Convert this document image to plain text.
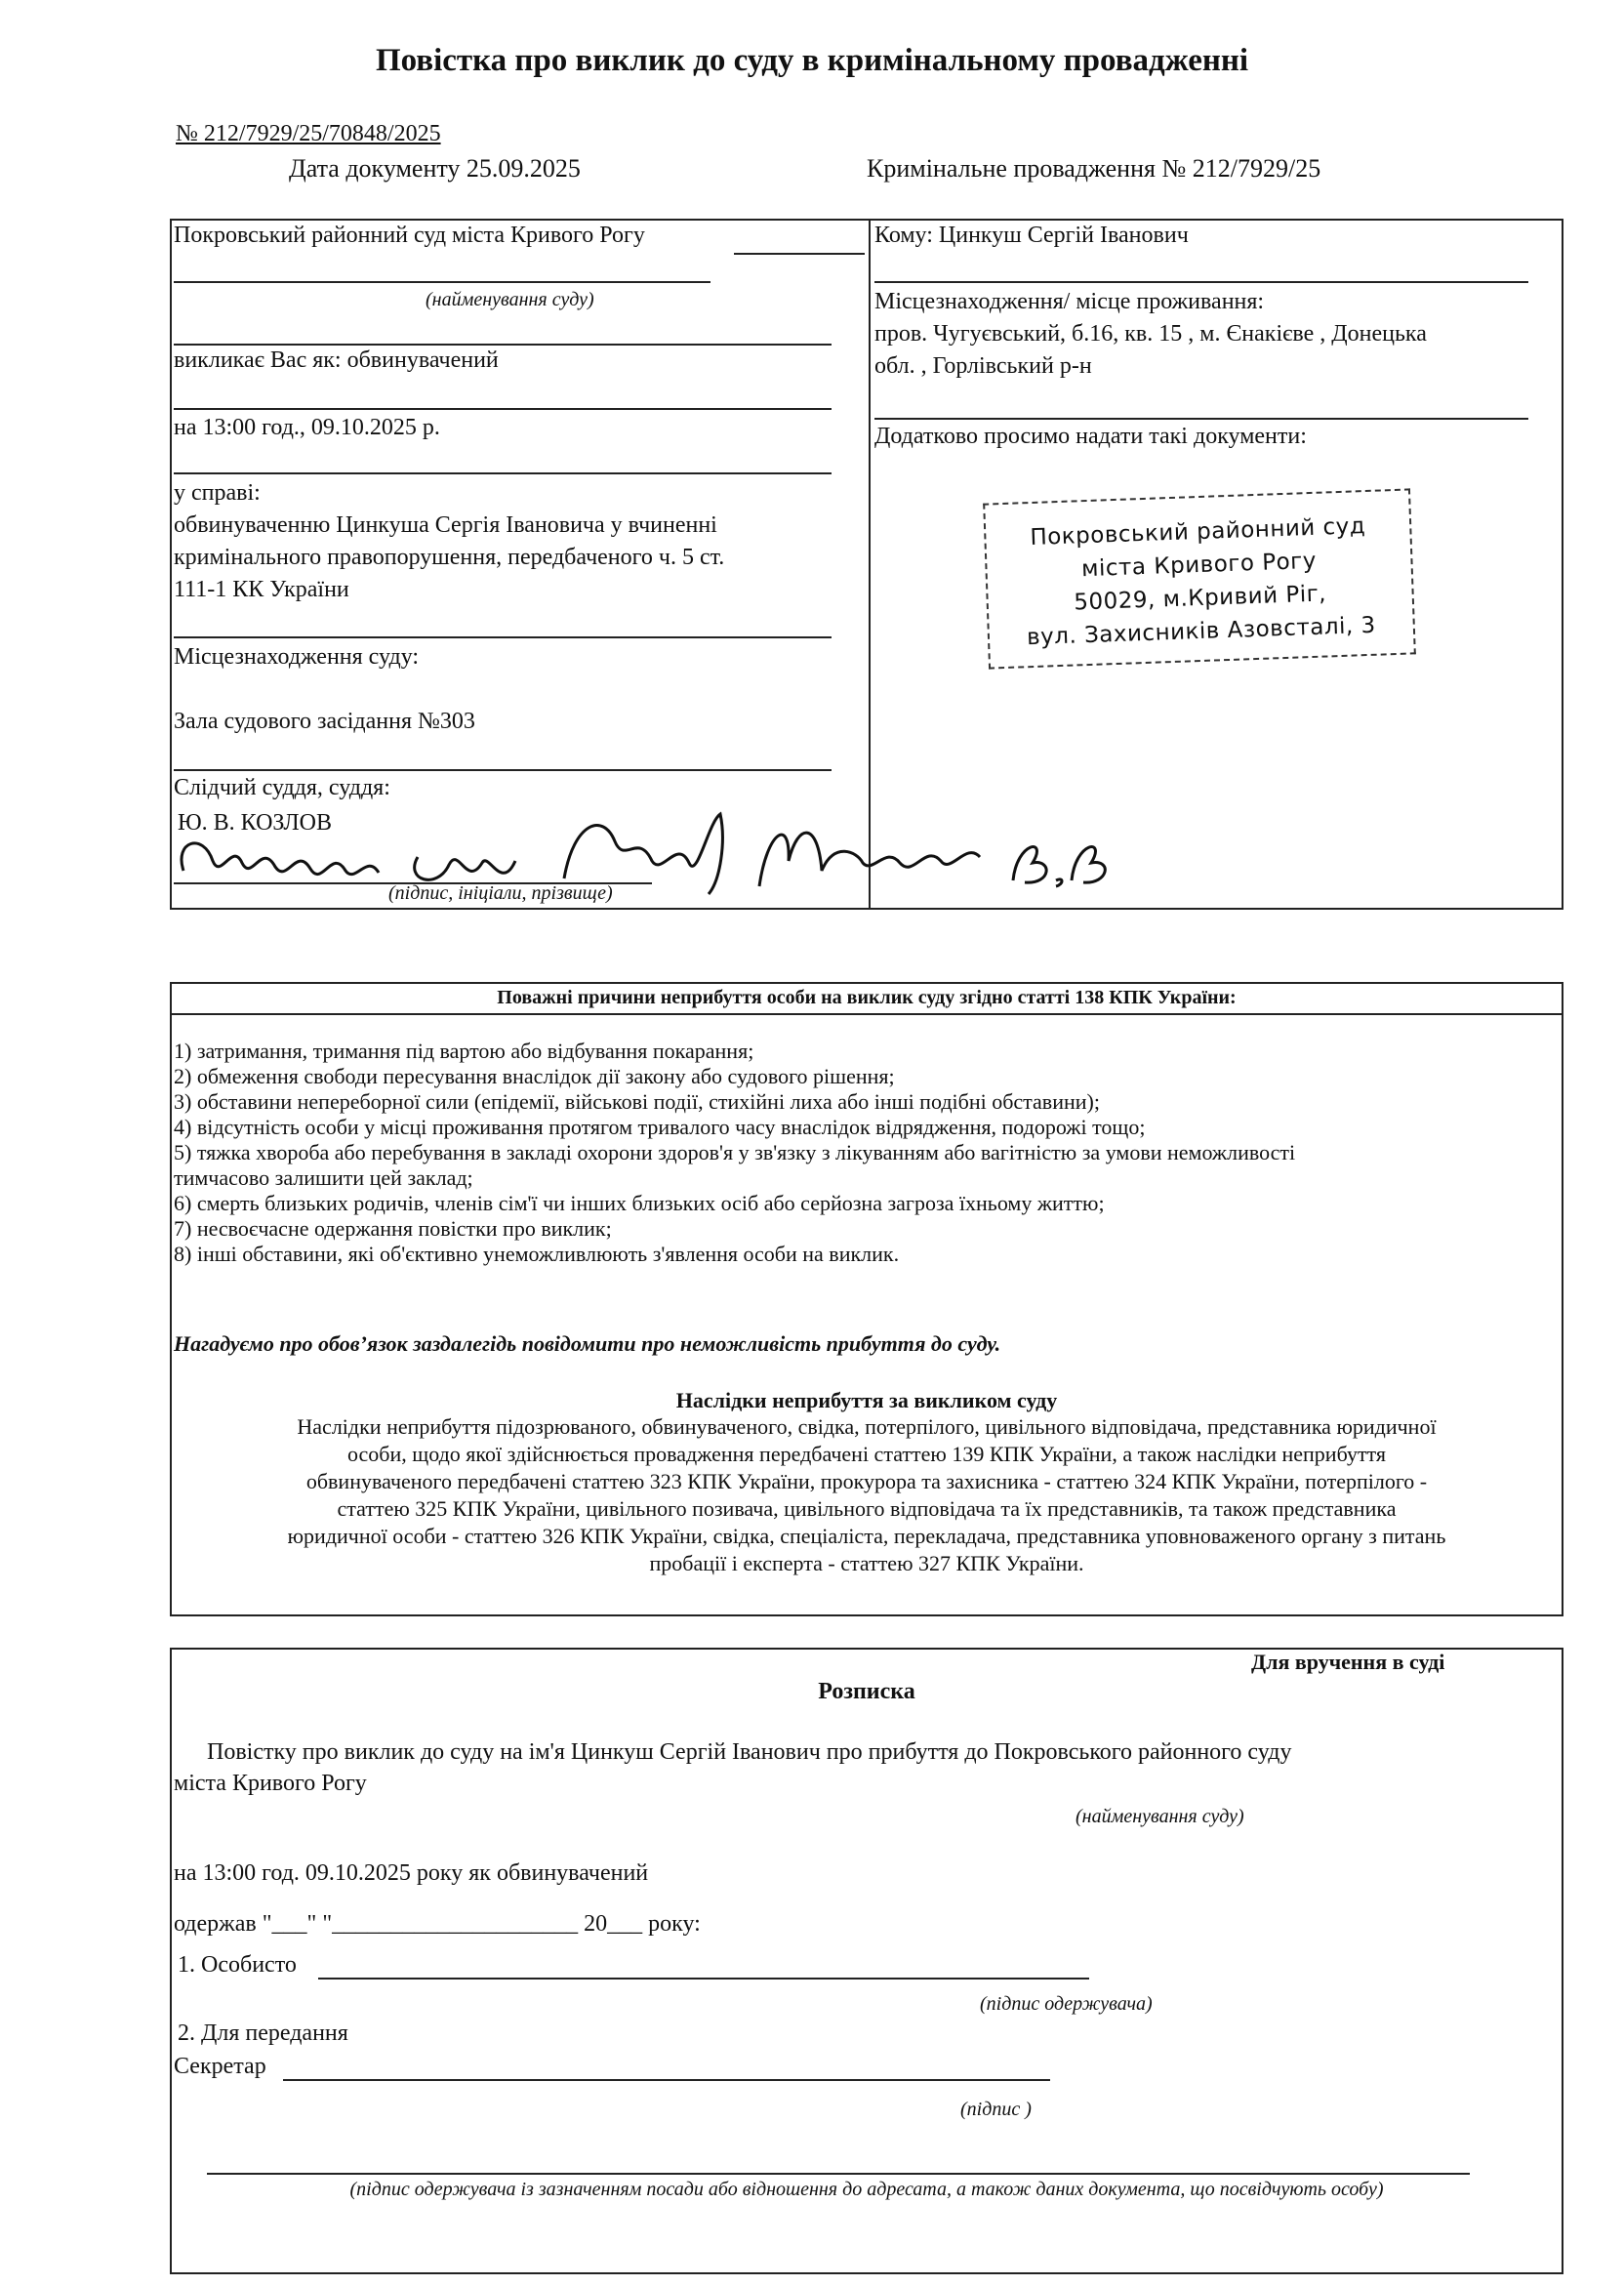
Повістка про виклик до суду в кримінальному провадженні
№ 212/7929/25/70848/2025
Дата документу 25.09.2025	Кримінальне провадження № 212/7929/25
Покровський районний суд міста Кривого Рогу
(найменування суду)
викликає Вас як: обвинувачений
на 13:00 год., 09.10.2025 р.
у справі:
обвинуваченню Цинкуша Сергія Івановича у вчиненні
кримінального правопорушення, передбаченого ч. 5 ст.
111-1 КК України
Місцезнаходження суду:
Зала судового засідання №303
Слідчий суддя, суддя:
Ю. В. КОЗЛОВ
(підпис, ініціали, прізвище)
Кому: Цинкуш Сергій Іванович
Місцезнаходження/ місце проживання:
пров. Чугуєвський, б.16, кв. 15 , м. Єнакієве , Донецька
обл. , Горлівський р-н
Додатково просимо надати такі документи:
Покровський районний суд
міста Кривого Рогу
50029, м.Кривий Ріг,
вул. Захисників Азовсталі, 3
Поважні причини неприбуття особи на виклик суду згідно статті 138 КПК України:
1) затримання, тримання під вартою або відбування покарання;
2) обмеження свободи пересування внаслідок дії закону або судового рішення;
3) обставини непереборної сили (епідемії, військові події, стихійні лиха або інші подібні обставини);
4) відсутність особи у місці проживання протягом тривалого часу внаслідок відрядження, подорожі тощо;
5) тяжка хвороба або перебування в закладі охорони здоров'я у зв'язку з лікуванням або вагітністю за умови неможливості
тимчасово залишити цей заклад;
6) смерть близьких родичів, членів сім'ї чи інших близьких осіб або серйозна загроза їхньому життю;
7) несвоєчасне одержання повістки про виклик;
8) інші обставини, які об'єктивно унеможливлюють з'явлення особи на виклик.
Нагадуємо про обов’язок заздалегідь повідомити про неможливість прибуття до суду.
Наслідки неприбуття за викликом суду
Наслідки неприбуття підозрюваного, обвинуваченого, свідка, потерпілого, цивільного відповідача, представника юридичної
особи, щодо якої здійснюється провадження передбачені статтею 139 КПК України, а також наслідки неприбуття
обвинуваченого передбачені статтею 323 КПК України, прокурора та захисника - статтею 324 КПК України, потерпілого -
статтею 325 КПК України, цивільного позивача, цивільного відповідача та їх представників, та також представника
юридичної особи - статтею 326 КПК України, свідка, спеціаліста, перекладача, представника уповноваженого органу з питань
пробації і експерта - статтею 327 КПК України.
Для вручення в суді
Розписка
Повістку про виклик до суду на ім'я Цинкуш Сергій Іванович про прибуття до Покровського районного суду
міста Кривого Рогу
(найменування суду)
на 13:00 год. 09.10.2025 року як обвинувачений
одержав "___" "_____________________ 20___ року:
1. Особисто
(підпис одержувача)
2. Для передання
Секретар
(підпис )
(підпис одержувача із зазначенням посади або відношення до адресата, а також даних документа, що посвідчують особу)
